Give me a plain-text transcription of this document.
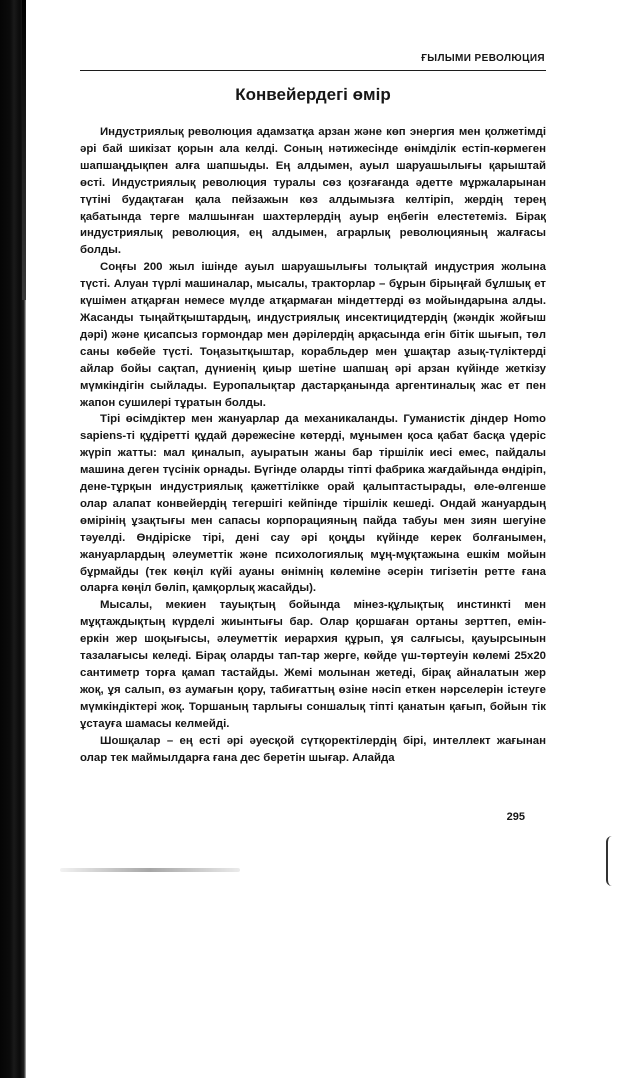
ҒЫЛЫМИ РЕВОЛЮЦИЯ
Конвейердегі өмір

Индустриялық революция адамзатқа арзан және көп энергия мен қолжетімді әрі бай шикізат қорын ала келді. Соның нәтижесінде өнімділік естіп-көрмеген шапшаңдықпен алға шапшыды. Ең алдымен, ауыл шаруашылығы қарыштай өсті. Индустриялық революция туралы сөз қозғағанда әдетте мұржаларынан түтіні будақтаған қала пейзажын көз алдымызға келтіріп, жердің терең қабатында терге малшынған шахтерлердің ауыр еңбегін елестетеміз. Бірақ индустриялық революция, ең алдымен, аграрлық революцияның жалғасы болды.

Соңғы 200 жыл ішінде ауыл шаруашылығы толықтай индустрия жолына түсті. Алуан түрлі машиналар, мысалы, тракторлар – бұрын бірыңғай бұлшық ет күшімен атқарған немесе мүлде атқармаған міндеттерді өз мойындарына алды. Жасанды тыңайтқыштардың, индустриялық инсектицидтердің (жәндік жойғыш дәрі) және қисапсыз гормондар мен дәрілердің арқасында егін бітік шығып, төл саны көбейе түсті. Тоңазытқыштар, корабльдер мен ұшақтар азық-түліктерді айлар бойы сақтап, дүниенің қиыр шетіне шапшаң әрі арзан күйінде жеткізу мүмкіндігін сыйлады. Еуропалықтар дастарқанында аргентиналық жас ет пен жапон сушилері тұратын болды.

Тірі өсімдіктер мен жануарлар да механикаланды. Гуманистік діндер Homo sapiens-ті құдіретті құдай дәрежесіне көтерді, мұнымен қоса қабат басқа үдеріс жүріп жатты: мал қиналып, ауыратын жаны бар тіршілік иесі емес, пайдалы машина деген түсінік орнады. Бүгінде оларды тіпті фабрика жағдайында өндіріп, дене-тұрқын индустриялық қажеттілікке орай қалыптастырады, өле-өлгенше олар алапат конвейердің тегершігі кейпінде тіршілік кешеді. Ондай жануардың өмірінің ұзақтығы мен сапасы корпорацияның пайда табуы мен зиян шегуіне тәуелді. Өндіріске тірі, дені сау әрі қоңды күйінде керек болғанымен, жануарлардың әлеуметтік және психологиялық мұң-мұқтажына ешкім мойын бұрмайды (тек көңіл күйі ауаны өнімнің көлеміне әсерін тигізетін ретте ғана оларға көңіл бөліп, қамқорлық жасайды).

Мысалы, мекиен тауықтың бойында мінез-құлықтық инстинкті мен мұқтаждықтың күрделі жиынтығы бар. Олар қоршаған ортаны зерттеп, емін-еркін жер шоқығысы, әлеуметтік иерархия құрып, ұя салғысы, қауырсынын тазалағысы келеді. Бірақ оларды тап-тар жерге, көйде үш-төртеуін көлемі 25х20 сантиметр торға қамап тастайды. Жемі молынан жетеді, бірақ айналатын жер жоқ, ұя салып, өз аумағын қору, табиғаттың өзіне нәсіп еткен нәрселерін істеуге мүмкіндіктері жоқ. Торшаның тарлығы соншалық тіпті қанатын қағып, бойын тік ұстауға шамасы келмейді.

Шошқалар – ең есті әрі әуесқой сүтқоректілердің бірі, интеллект жағынан олар тек маймылдарға ғана дес беретін шығар. Алайда

295
